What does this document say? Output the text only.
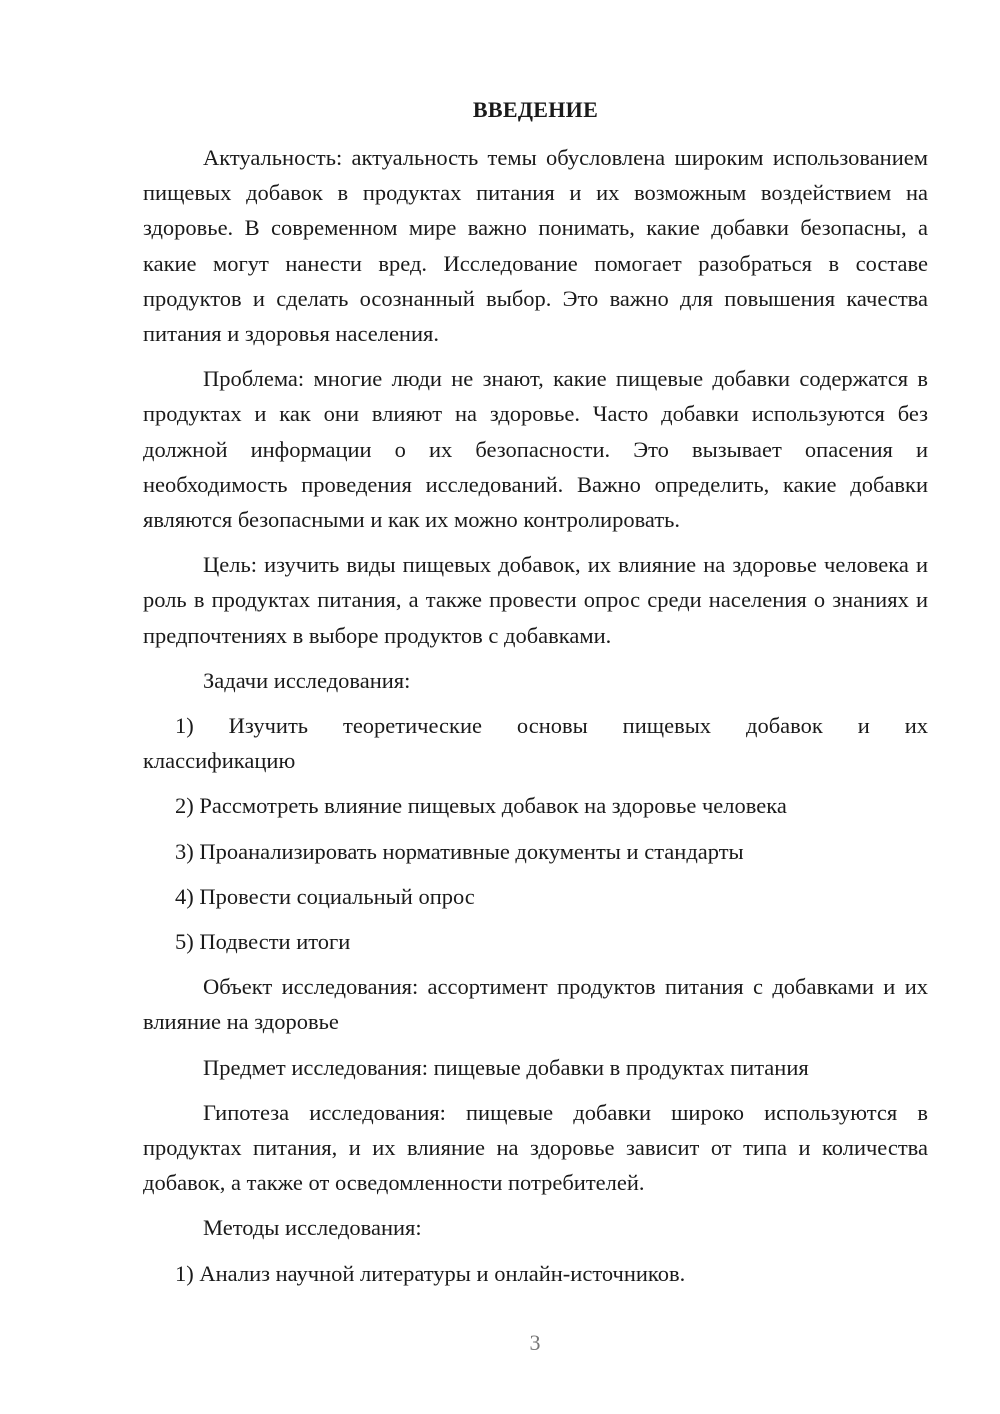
ВВЕДЕНИЕ

Актуальность: актуальность темы обусловлена широким использованием пищевых добавок в продуктах питания и их возможным воздействием на здоровье. В современном мире важно понимать, какие добавки безопасны, а какие могут нанести вред. Исследование помогает разобраться в составе продуктов и сделать осознанный выбор. Это важно для повышения качества питания и здоровья населения.

Проблема: многие люди не знают, какие пищевые добавки содержатся в продуктах и как они влияют на здоровье. Часто добавки используются без должной информации о их безопасности. Это вызывает опасения и необходимость проведения исследований. Важно определить, какие добавки являются безопасными и как их можно контролировать.

Цель: изучить виды пищевых добавок, их влияние на здоровье человека и роль в продуктах питания, а также провести опрос среди населения о знаниях и предпочтениях в выборе продуктов с добавками.

Задачи исследования:

1) Изучить теоретические основы пищевых добавок и их
классификацию

2) Рассмотреть влияние пищевых добавок на здоровье человека

3) Проанализировать нормативные документы и стандарты

4) Провести социальный опрос

5) Подвести итоги

Объект исследования: ассортимент продуктов питания с добавками и их влияние на здоровье

Предмет исследования: пищевые добавки в продуктах питания

Гипотеза исследования: пищевые добавки широко используются в продуктах питания, и их влияние на здоровье зависит от типа и количества добавок, а также от осведомленности потребителей.

Методы исследования:

1) Анализ научной литературы и онлайн-источников.

3
